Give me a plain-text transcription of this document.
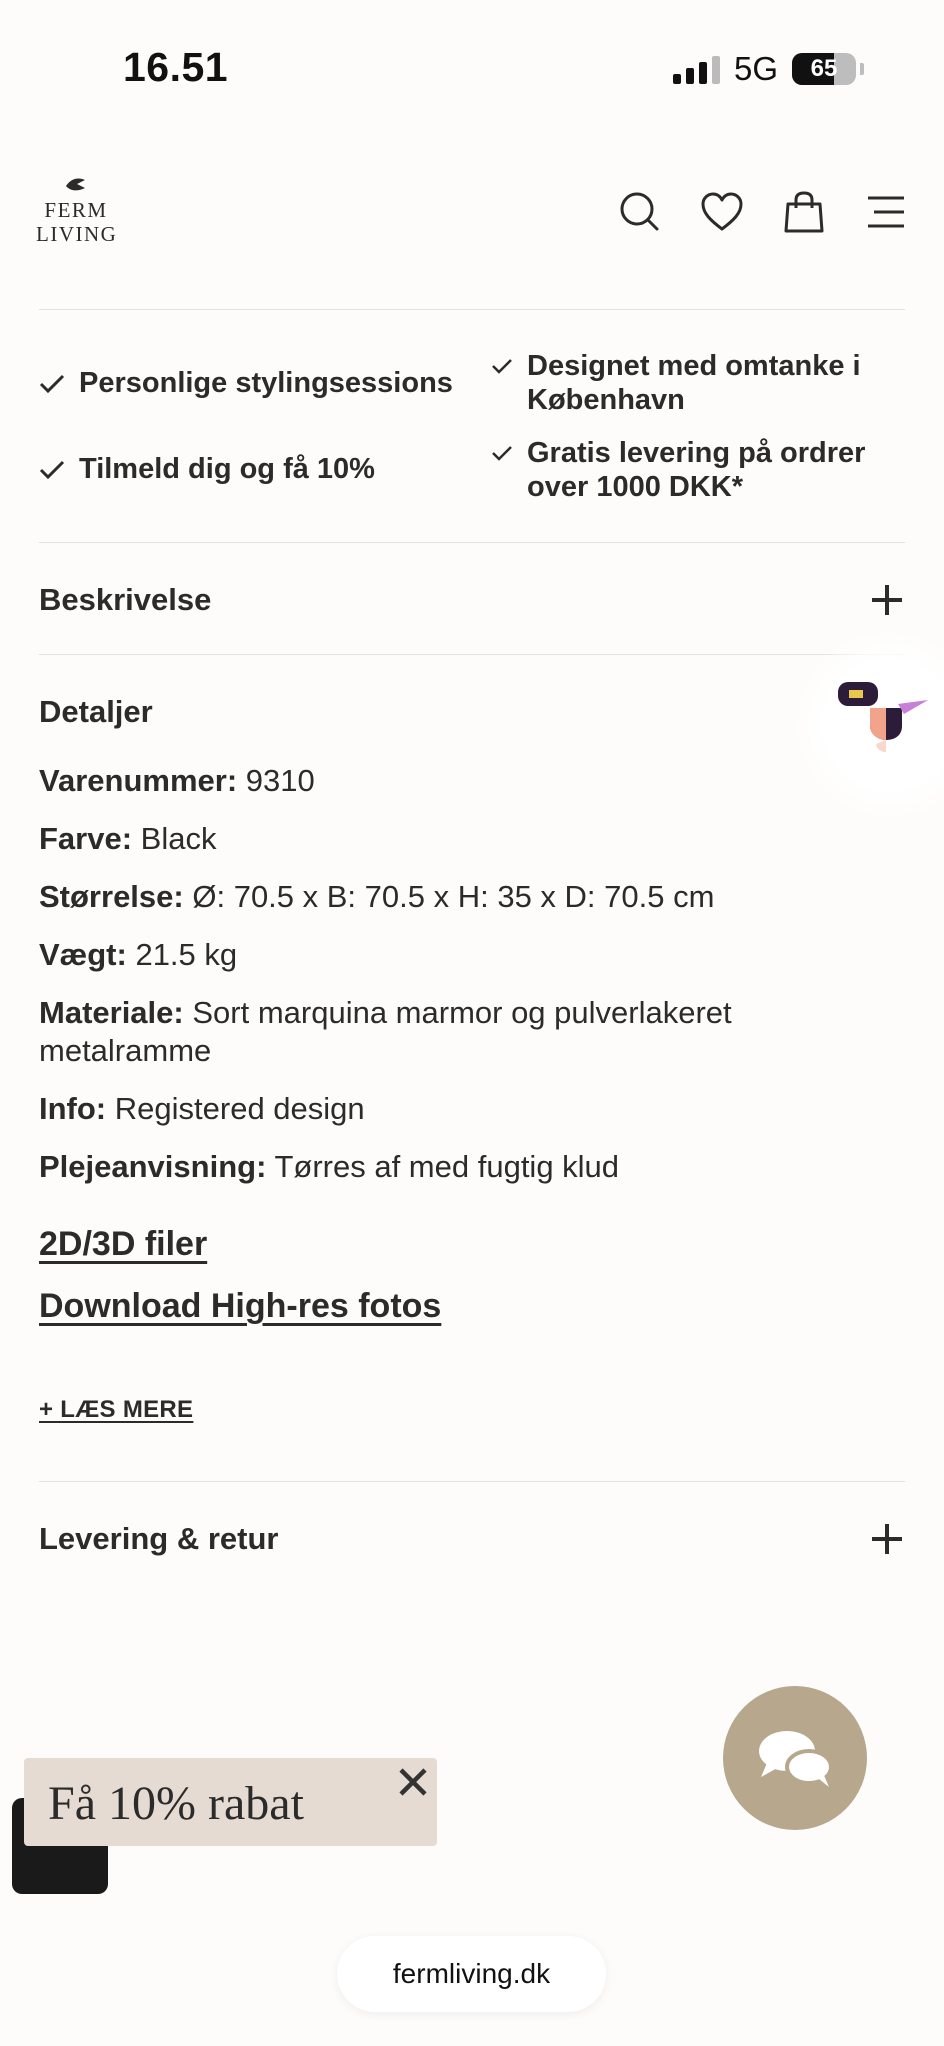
16.51	5G	65
FERM
LIVING
Personlige stylingsessions
Designet med omtanke i København
Tilmeld dig og få 10%	Gratis levering på ordrer over 1000 DKK*
Beskrivelse
Detaljer
Varenummer: 9310
Farve: Black
Størrelse: Ø: 70.5 x B: 70.5 x H: 35 x D: 70.5 cm
Vægt: 21.5 kg
Materiale: Sort marquina marmor og pulverlakeret metalramme
Info: Registered design
Plejeanvisning: Tørres af med fugtig klud
2D/3D filer
Download High-res fotos
+ LÆS MERE
Levering & retur
Få 10% rabat
fermliving.dk
